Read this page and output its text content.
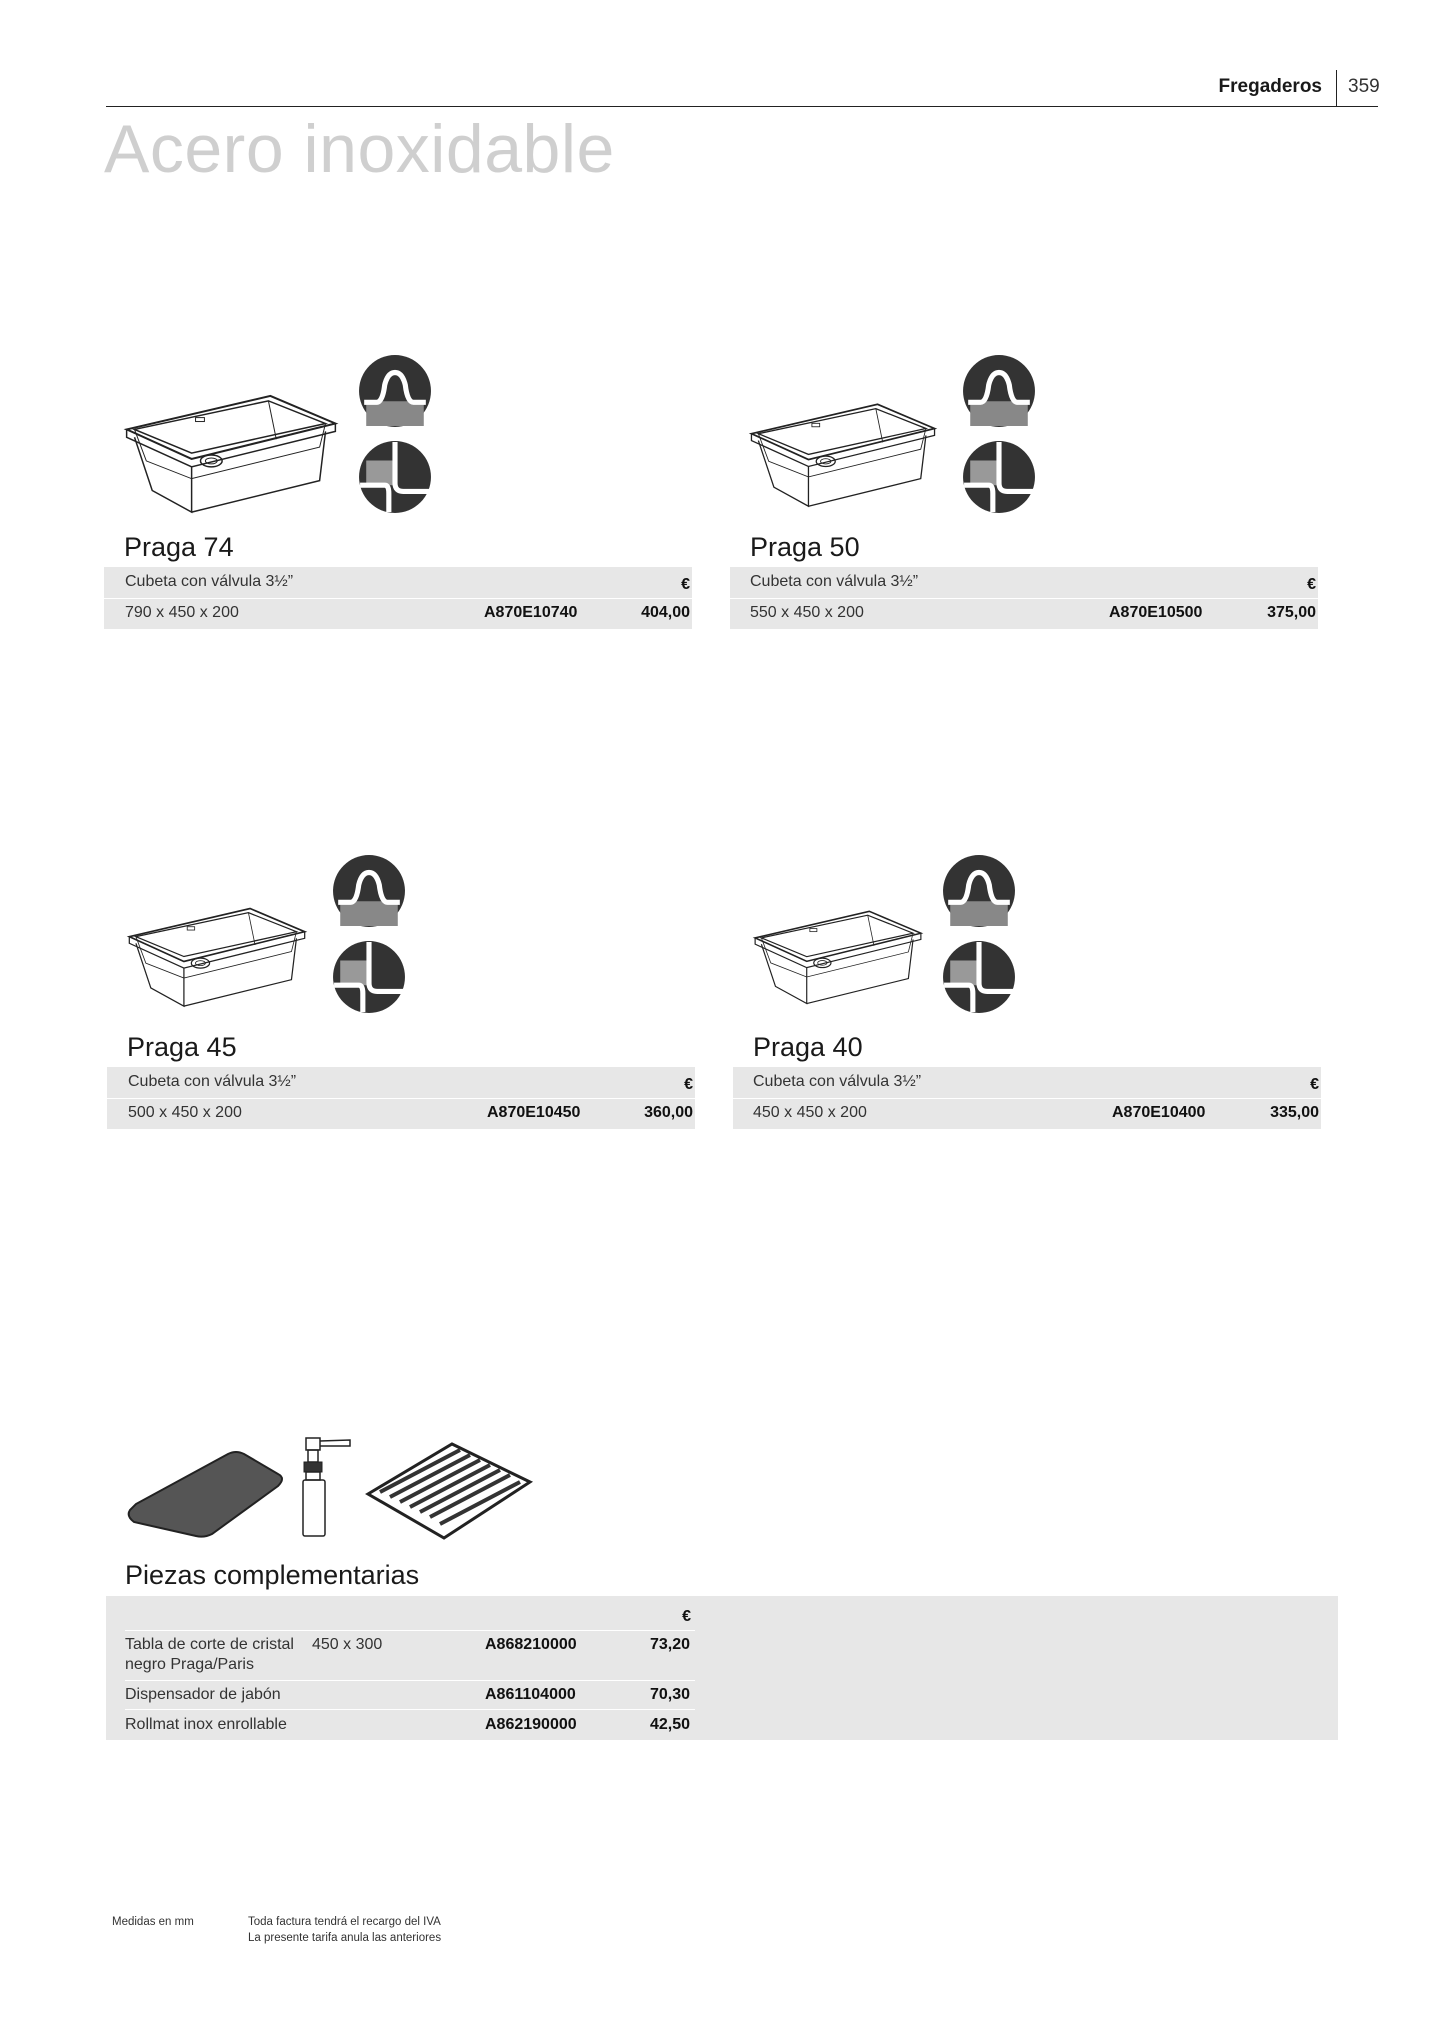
Fregaderos 359
Acero inoxidable
Praga 74
Cubeta con válvula 3½”	€
790 x 450 x 200	A870E10740	404,00
Praga 50
Cubeta con válvula 3½”	€
550 x 450 x 200	A870E10500	375,00
Praga 45
Cubeta con válvula 3½”	€
500 x 450 x 200	A870E10450	360,00
Praga 40
Cubeta con válvula 3½”	€
450 x 450 x 200	A870E10400	335,00
Piezas complementarias
€
Tabla de corte de cristal
negro Praga/Paris
450 x 300	A868210000	73,20
Dispensador de jabón	A861104000	70,30
Rollmat inox enrollable	A862190000	42,50
Medidas en mm	Toda factura tendrá el recargo del IVA
La presente tarifa anula las anteriores
